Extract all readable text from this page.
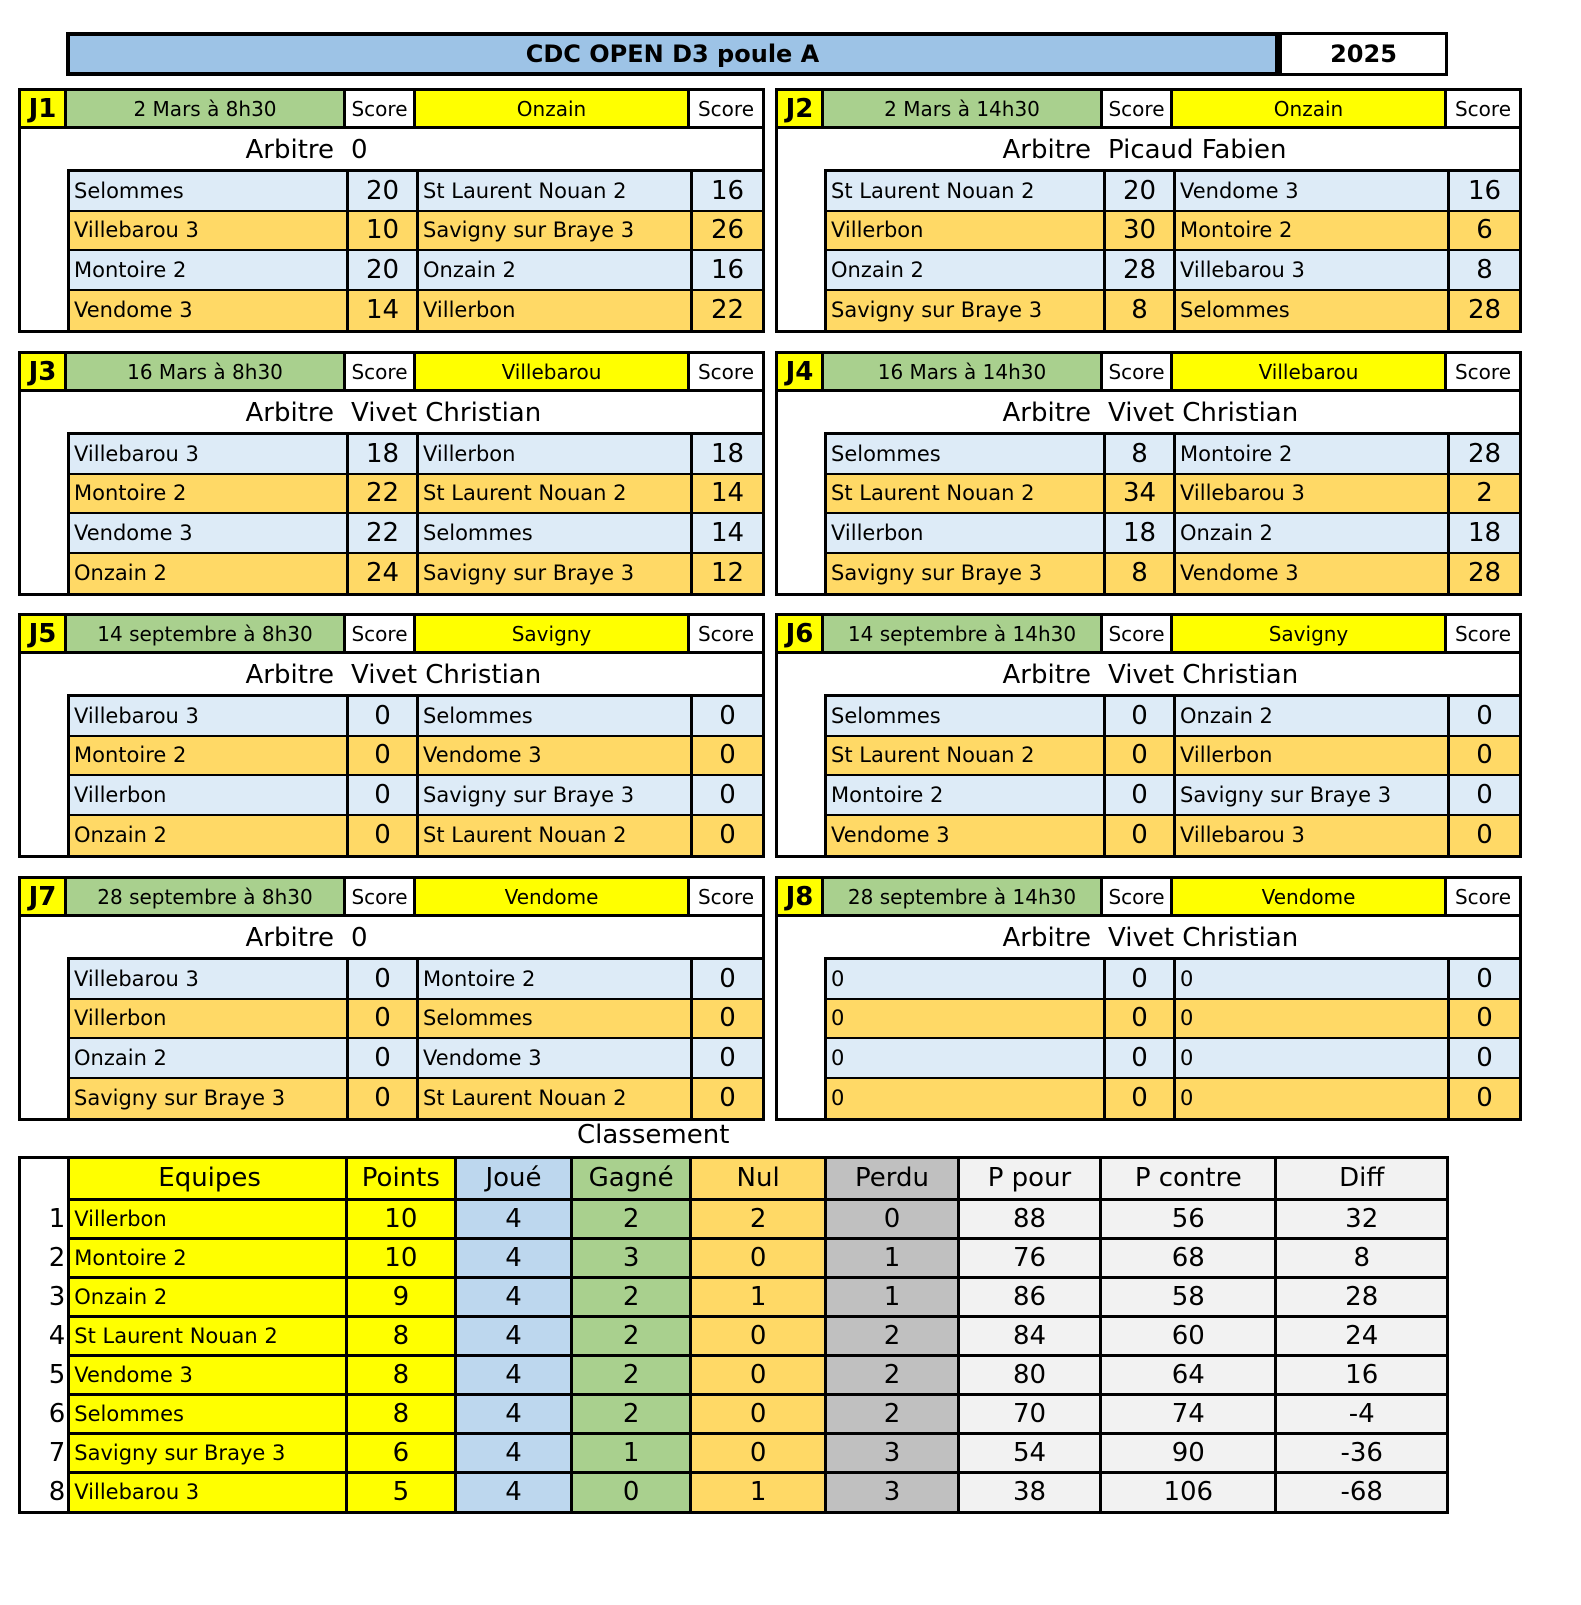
CDC OPEN D3 poule A	2025
J1	2 Mars à 8h30	Score	Onzain	Score
Arbitre 0
Selommes	20	St Laurent Nouan 2	16
Villebarou 3	10	Savigny sur Braye 3	26
Montoire 2	20	Onzain 2	16
Vendome 3	14	Villerbon	22
J2	2 Mars à 14h30	Score	Onzain	Score
Arbitre Picaud Fabien
St Laurent Nouan 2	20	Vendome 3	16
Villerbon	30	Montoire 2	6
Onzain 2	28	Villebarou 3	8
Savigny sur Braye 3	8	Selommes	28
J3	16 Mars à 8h30	Score	Villebarou	Score
Arbitre Vivet Christian
Villebarou 3	18	Villerbon	18
Montoire 2	22	St Laurent Nouan 2	14
Vendome 3	22	Selommes	14
Onzain 2	24	Savigny sur Braye 3	12
J4	16 Mars à 14h30	Score	Villebarou	Score
Arbitre Vivet Christian
Selommes	8	Montoire 2	28
St Laurent Nouan 2	34	Villebarou 3	2
Villerbon	18	Onzain 2	18
Savigny sur Braye 3	8	Vendome 3	28
J5	14 septembre à 8h30	Score	Savigny	Score
Arbitre Vivet Christian
Villebarou 3	0	Selommes	0
Montoire 2	0	Vendome 3	0
Villerbon	0	Savigny sur Braye 3	0
Onzain 2	0	St Laurent Nouan 2	0
J6	14 septembre à 14h30	Score	Savigny	Score
Arbitre Vivet Christian
Selommes	0	Onzain 2	0
St Laurent Nouan 2	0	Villerbon	0
Montoire 2	0	Savigny sur Braye 3	0
Vendome 3	0	Villebarou 3	0
J7	28 septembre à 8h30	Score	Vendome	Score
Arbitre 0
Villebarou 3	0	Montoire 2	0
Villerbon	0	Selommes	0
Onzain 2	0	Vendome 3	0
Savigny sur Braye 3	0	St Laurent Nouan 2	0
J8	28 septembre à 14h30	Score	Vendome	Score
Arbitre Vivet Christian
0	0	0	0
0	0	0	0
0	0	0	0
0	0	0	0
Classement
	Equipes	Points	Joué	Gagné	Nul	Perdu	P pour	P contre	Diff
1	Villerbon	10	4	2	2	0	88	56	32
2	Montoire 2	10	4	3	0	1	76	68	8
3	Onzain 2	9	4	2	1	1	86	58	28
4	St Laurent Nouan 2	8	4	2	0	2	84	60	24
5	Vendome 3	8	4	2	0	2	80	64	16
6	Selommes	8	4	2	0	2	70	74	-4
7	Savigny sur Braye 3	6	4	1	0	3	54	90	-36
8	Villebarou 3	5	4	0	1	3	38	106	-68
